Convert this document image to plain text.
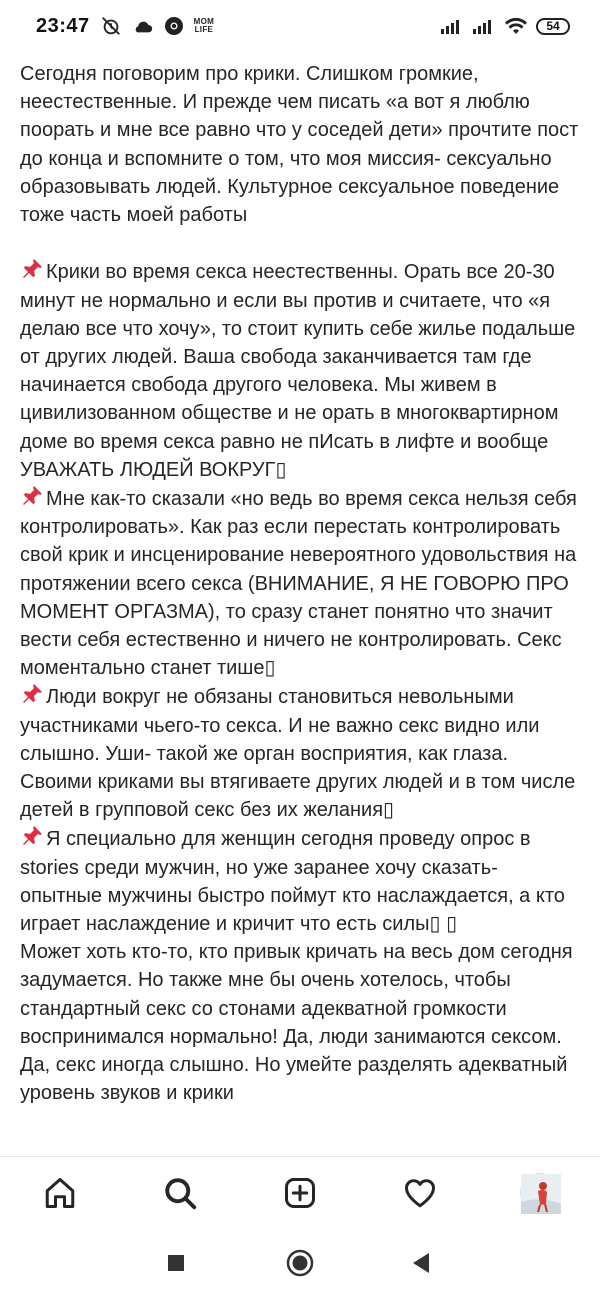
23:47	MOM
LIFE	54

Сегодня поговорим про крики. Слишком громкие, неестественные. И прежде чем писать «а вот я люблю поорать и мне все равно что у соседей дети» прочтите пост до конца и вспомните о том, что моя миссия- сексуально образовывать людей. Культурное сексуальное поведение тоже часть моей работы

Крики во время секса неестественны. Орать все 20-30 минут не нормально и если вы против и считаете, что «я делаю все что хочу», то стоит купить себе жилье подальше от других людей. Ваша свобода заканчивается там где начинается свобода другого человека. Мы живем в цивилизованном обществе и не орать в многоквартирном доме во время секса равно не пИсать в лифте и вообще УВАЖАТЬ ЛЮДЕЙ ВОКРУГ▯

Мне как-то сказали «но ведь во время секса нельзя себя контролировать». Как раз если перестать контролировать свой крик и инсценирование невероятного удовольствия на протяжении всего секса (ВНИМАНИЕ, Я НЕ ГОВОРЮ ПРО МОМЕНТ ОРГАЗМА), то сразу станет понятно что значит вести себя естественно и ничего не контролировать. Секс моментально станет тише▯

Люди вокруг не обязаны становиться невольными участниками чьего-то секса. И не важно секс видно или слышно. Уши- такой же орган восприятия, как глаза. Своими криками вы втягиваете других людей и в том числе детей в групповой секс без их желания▯

Я специально для женщин сегодня проведу опрос в stories среди мужчин, но уже заранее хочу сказать- опытные мужчины быстро поймут кто наслаждается, а кто играет наслаждение и кричит что есть силы▯ ▯

Может хоть кто-то, кто привык кричать на весь дом сегодня задумается. Но также мне бы очень хотелось, чтобы стандартный секс со стонами адекватной громкости воспринимался нормально! Да, люди занимаются сексом. Да, секс иногда слышно. Но умейте разделять адекватный уровень звуков и крики
